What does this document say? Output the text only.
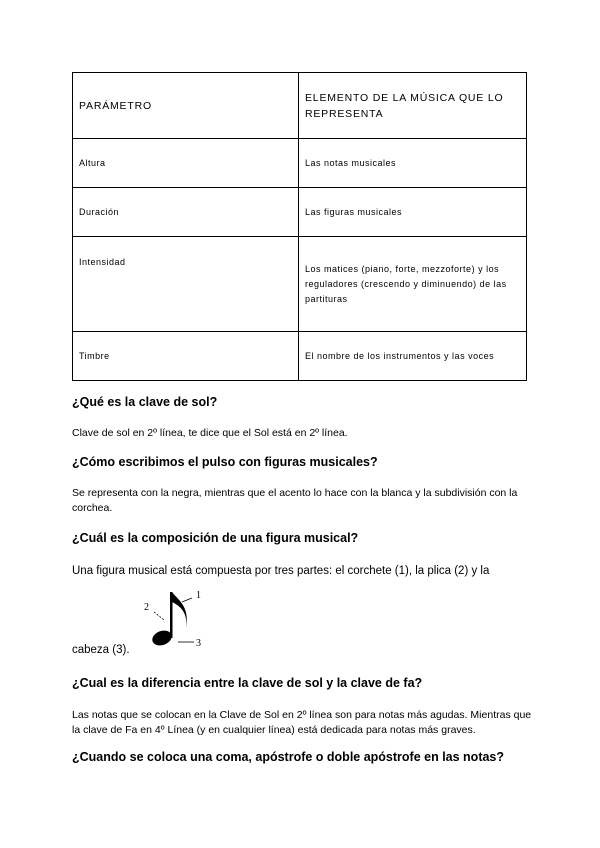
PARÁMETRO	ELEMENTO DE LA MÚSICA QUE LO REPRESENTA
Altura	Las notas musicales
Duración	Las figuras musicales
Intensidad	Los matices (piano, forte, mezzoforte) y los reguladores (crescendo y diminuendo) de las partituras
Timbre	El nombre de los instrumentos y las voces
¿Qué es la clave de sol?

Clave de sol en 2º línea, te dice que el Sol está en 2º línea.

¿Cómo escribimos el pulso con figuras musicales?

Se representa con la negra, mientras que el acento lo hace con la blanca y la subdivisión con la corchea.

¿Cuál es la composición de una figura musical?

Una figura musical está compuesta por tres partes: el corchete (1), la plica (2) y la

1
2
3

cabeza (3).

¿Cual es la diferencia entre la clave de sol y la clave de fa?

Las notas que se colocan en la Clave de Sol en 2º línea son para notas más agudas. Mientras que la clave de Fa en 4º Línea (y en cualquier línea) está dedicada para notas más graves.

¿Cuando se coloca una coma, apóstrofe o doble apóstrofe en las notas?
